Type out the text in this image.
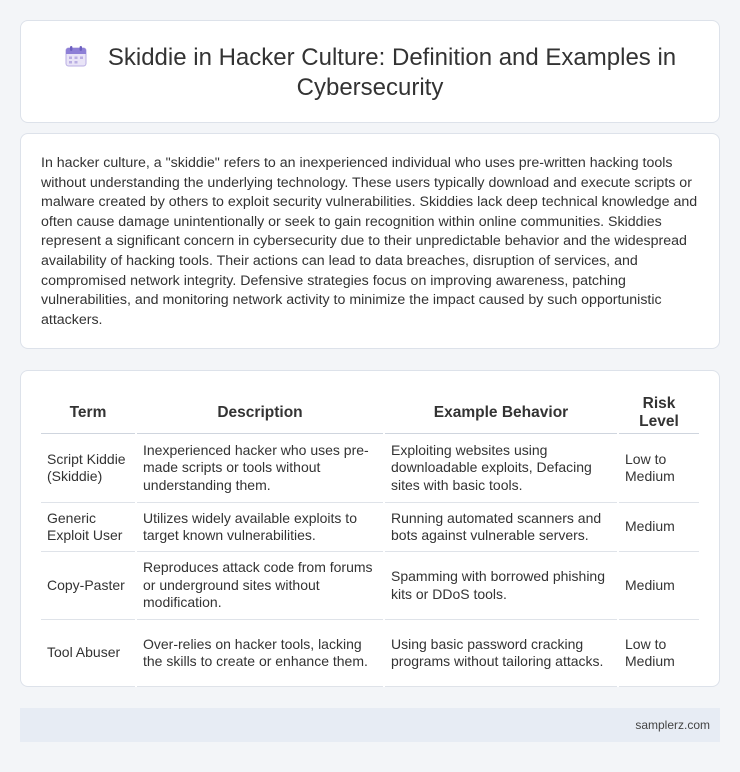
Skiddie in Hacker Culture: Definition and Examples in
Cybersecurity

In hacker culture, a "skiddie" refers to an inexperienced individual who uses pre-written hacking tools without understanding the underlying technology. These users typically download and execute scripts or malware created by others to exploit security vulnerabilities. Skiddies lack deep technical knowledge and often cause damage unintentionally or seek to gain recognition within online communities. Skiddies represent a significant concern in cybersecurity due to their unpredictable behavior and the widespread availability of hacking tools. Their actions can lead to data breaches, disruption of services, and compromised network integrity. Defensive strategies focus on improving awareness, patching vulnerabilities, and monitoring network activity to minimize the impact caused by such opportunistic attackers.

Term	Description	Example Behavior	Risk Level
Script Kiddie (Skiddie)	Inexperienced hacker who uses pre-made scripts or tools without understanding them.	Exploiting websites using downloadable exploits, Defacing sites with basic tools.	Low to Medium
Generic Exploit User	Utilizes widely available exploits to target known vulnerabilities.	Running automated scanners and bots against vulnerable servers.	Medium
Copy-Paster	Reproduces attack code from forums or underground sites without modification.	Spamming with borrowed phishing kits or DDoS tools.	Medium
Tool Abuser	Over-relies on hacker tools, lacking the skills to create or enhance them.	Using basic password cracking programs without tailoring attacks.	Low to Medium
samplerz.com
